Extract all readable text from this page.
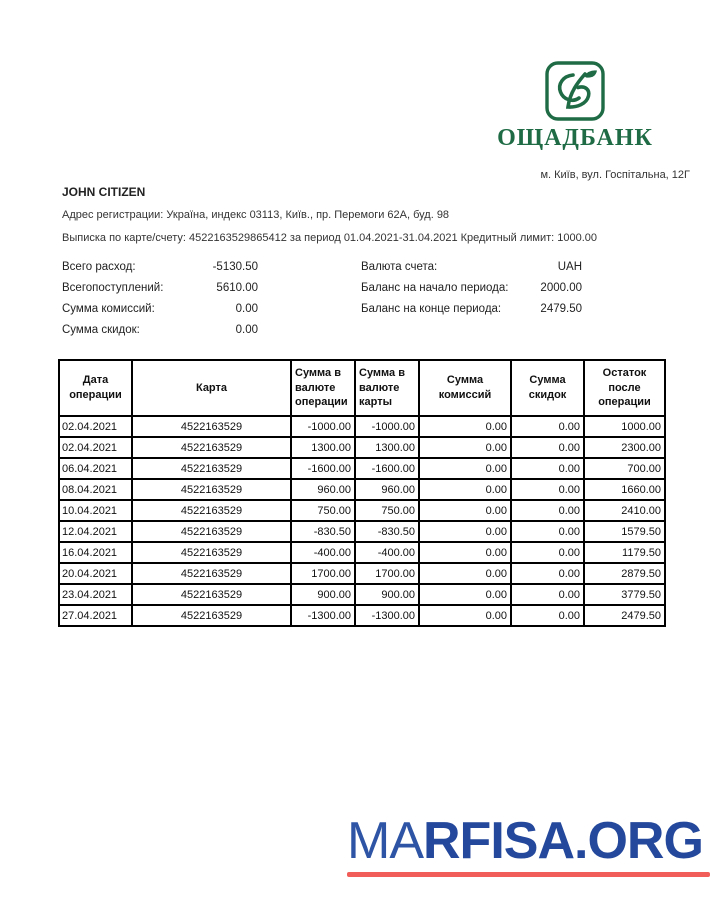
ОЩАДБАНК
м. Київ, вул. Госпітальна, 12Г

JOHN CITIZEN

Адрес регистрации: Україна, индекс 03113, Київ., пр. Перемоги 62А, буд. 98

Выписка по карте/счету: 4522163529865412 за период 01.04.2021-31.04.2021 Кредитный лимит: 1000.00

Всего расход:	-5130.50
Всегопоступлений:	5610.00
Сумма комиссий:	0.00
Сумма скидок:	0.00
Валюта счета:	UAH
Баланс на начало периода:	2000.00
Баланс на конце периода:	2479.50
Дата операции	Карта	Сумма в валюте операции	Сумма в валюте карты	Сумма комиссий	Сумма скидок	Остаток после операции
02.04.2021	4522163529	-1000.00	-1000.00	0.00	0.00	1000.00
02.04.2021	4522163529	1300.00	1300.00	0.00	0.00	2300.00
06.04.2021	4522163529	-1600.00	-1600.00	0.00	0.00	700.00
08.04.2021	4522163529	960.00	960.00	0.00	0.00	1660.00
10.04.2021	4522163529	750.00	750.00	0.00	0.00	2410.00
12.04.2021	4522163529	-830.50	-830.50	0.00	0.00	1579.50
16.04.2021	4522163529	-400.00	-400.00	0.00	0.00	1179.50
20.04.2021	4522163529	1700.00	1700.00	0.00	0.00	2879.50
23.04.2021	4522163529	900.00	900.00	0.00	0.00	3779.50
27.04.2021	4522163529	-1300.00	-1300.00	0.00	0.00	2479.50
MARFISA.ORG
